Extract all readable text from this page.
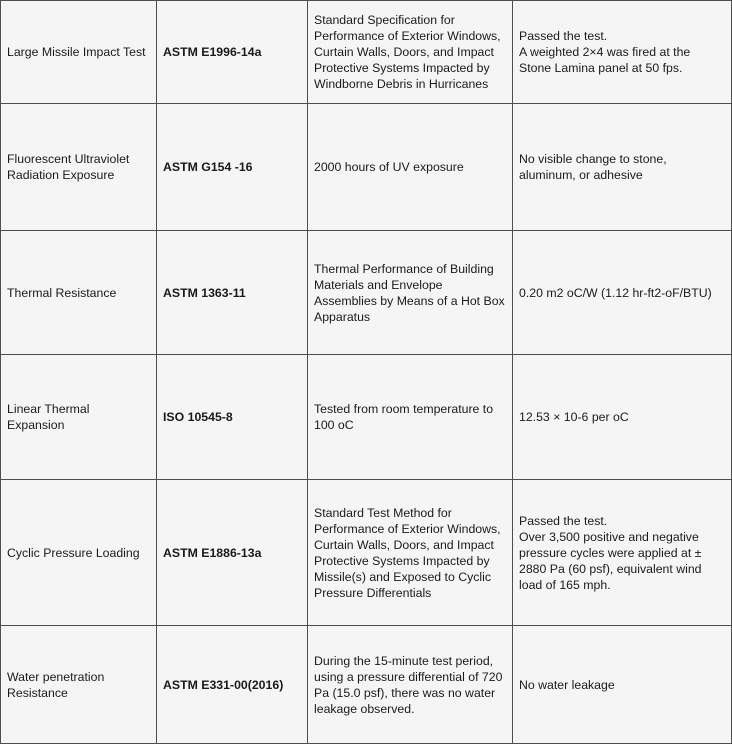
Large Missile Impact Test	ASTM E1996-14a	Standard Specification for Performance of Exterior Windows, Curtain Walls, Doors, and Impact Protective Systems Impacted by Windborne Debris in Hurricanes	Passed the test.
A weighted 2×4 was fired at the Stone Lamina panel at 50 fps.

Fluorescent Ultraviolet Radiation Exposure	ASTM G154 -16	2000 hours of UV exposure	No visible change to stone, aluminum, or adhesive

Thermal Resistance	ASTM 1363-11	Thermal Performance of Building Materials and Envelope Assemblies by Means of a Hot Box Apparatus	0.20 m2 oC/W (1.12 hr-ft2-oF/BTU)

Linear Thermal Expansion	ISO 10545-8	Tested from room temperature to 100 oC	12.53 × 10-6 per oC

Cyclic Pressure Loading	ASTM E1886-13a	Standard Test Method for Performance of Exterior Windows, Curtain Walls, Doors, and Impact Protective Systems Impacted by Missile(s) and Exposed to Cyclic Pressure Differentials	Passed the test.
Over 3,500 positive and negative pressure cycles were applied at ± 2880 Pa (60 psf), equivalent wind load of 165 mph.

Water penetration Resistance	ASTM E331-00(2016)	During the 15-minute test period, using a pressure differential of 720 Pa (15.0 psf), there was no water leakage observed.	No water leakage
